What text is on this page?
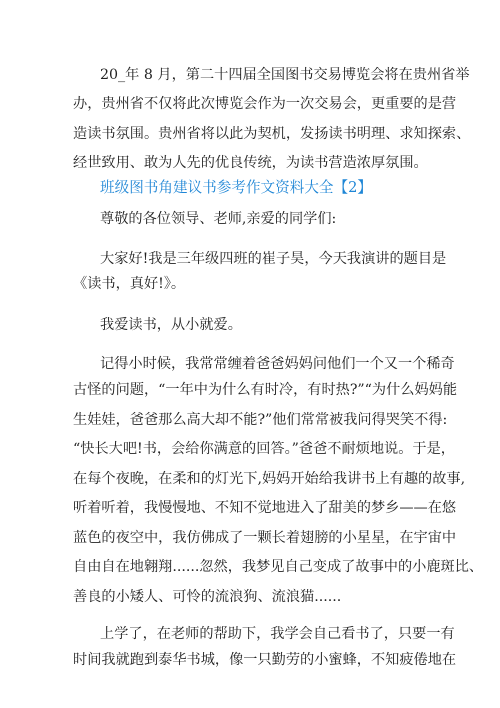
20_年 8 月，第二十四届全国图书交易博览会将在贵州省举
办，贵州省不仅将此次博览会作为一次交易会，更重要的是营
造读书氛围。贵州省将以此为契机，发扬读书明理、求知探索、
经世致用、敢为人先的优良传统，为读书营造浓厚氛围。
班级图书角建议书参考作文资料大全【2】
尊敬的各位领导、老师,亲爱的同学们:
大家好!我是三年级四班的崔子昊，今天我演讲的题目是
《读书，真好!》。
我爱读书，从小就爱。
记得小时候，我常常缠着爸爸妈妈问他们一个又一个稀奇
古怪的问题，“一年中为什么有时冷，有时热?”“为什么妈妈能
生娃娃，爸爸那么高大却不能?”他们常常被我问得哭笑不得:
“快长大吧!书，会给你满意的回答。”爸爸不耐烦地说。于是，
在每个夜晚，在柔和的灯光下,妈妈开始给我讲书上有趣的故事,
听着听着，我慢慢地、不知不觉地进入了甜美的梦乡——在悠
蓝色的夜空中，我仿佛成了一颗长着翅膀的小星星，在宇宙中
自由自在地翱翔......忽然，我梦见自己变成了故事中的小鹿斑比、
善良的小矮人、可怜的流浪狗、流浪猫......
上学了，在老师的帮助下，我学会自己看书了，只要一有
时间我就跑到泰华书城，像一只勤劳的小蜜蜂，不知疲倦地在
